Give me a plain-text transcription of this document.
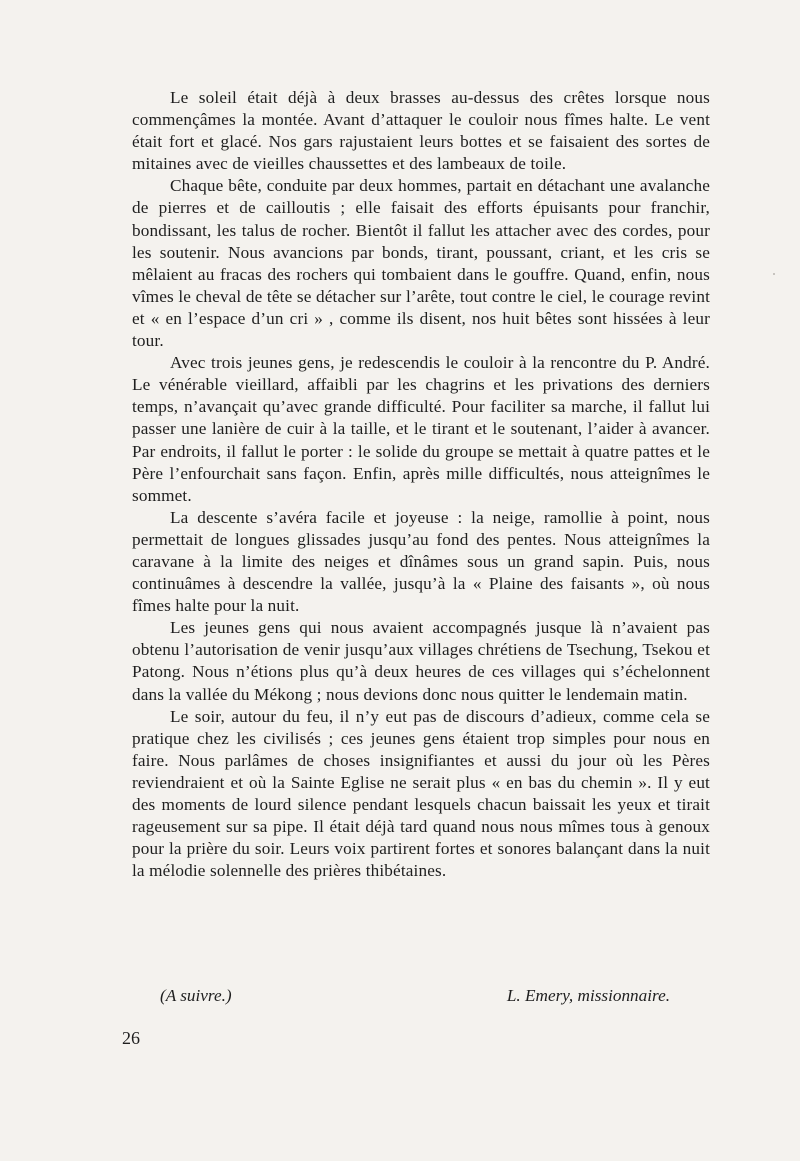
Le soleil était déjà à deux brasses au-dessus des crêtes lorsque nous commençâmes la montée. Avant d’attaquer le couloir nous fîmes halte. Le vent était fort et glacé. Nos gars rajustaient leurs bottes et se faisaient des sortes de mitaines avec de vieilles chaussettes et des lambeaux de toile.

Chaque bête, conduite par deux hommes, partait en détachant une avalanche de pierres et de cailloutis ; elle faisait des efforts épuisants pour franchir, bondissant, les talus de rocher. Bientôt il fallut les attacher avec des cordes, pour les soutenir. Nous avancions par bonds, tirant, poussant, criant, et les cris se mêlaient au fracas des rochers qui tombaient dans le gouffre. Quand, enfin, nous vîmes le cheval de tête se détacher sur l’arête, tout contre le ciel, le courage revint et « en l’espace d’un cri » , comme ils disent, nos huit bêtes sont hissées à leur tour.

Avec trois jeunes gens, je redescendis le couloir à la rencontre du P. André. Le vénérable vieillard, affaibli par les chagrins et les privations des derniers temps, n’avançait qu’avec grande difficulté. Pour faciliter sa marche, il fallut lui passer une lanière de cuir à la taille, et le tirant et le soutenant, l’aider à avancer. Par endroits, il fallut le porter : le solide du groupe se mettait à quatre pattes et le Père l’enfourchait sans façon. Enfin, après mille difficultés, nous atteignîmes le sommet.

La descente s’avéra facile et joyeuse : la neige, ramollie à point, nous permettait de longues glissades jusqu’au fond des pentes. Nous atteignîmes la caravane à la limite des neiges et dînâmes sous un grand sapin. Puis, nous continuâmes à descendre la vallée, jusqu’à la « Plaine des faisants », où nous fîmes halte pour la nuit.

Les jeunes gens qui nous avaient accompagnés jusque là n’avaient pas obtenu l’autorisation de venir jusqu’aux villages chrétiens de Tsechung, Tsekou et Patong. Nous n’étions plus qu’à deux heures de ces villages qui s’échelonnent dans la vallée du Mékong ; nous devions donc nous quitter le lendemain matin.

Le soir, autour du feu, il n’y eut pas de discours d’adieux, comme cela se pratique chez les civilisés ; ces jeunes gens étaient trop simples pour nous en faire. Nous parlâmes de choses insignifiantes et aussi du jour où les Pères reviendraient et où la Sainte Eglise ne serait plus « en bas du chemin ». Il y eut des moments de lourd silence pendant lesquels chacun baissait les yeux et tirait rageusement sur sa pipe. Il était déjà tard quand nous nous mîmes tous à genoux pour la prière du soir. Leurs voix partirent fortes et sonores balançant dans la nuit la mélodie solennelle des prières thibétaines.

(A suivre.)	L. Emery, missionnaire.
26
